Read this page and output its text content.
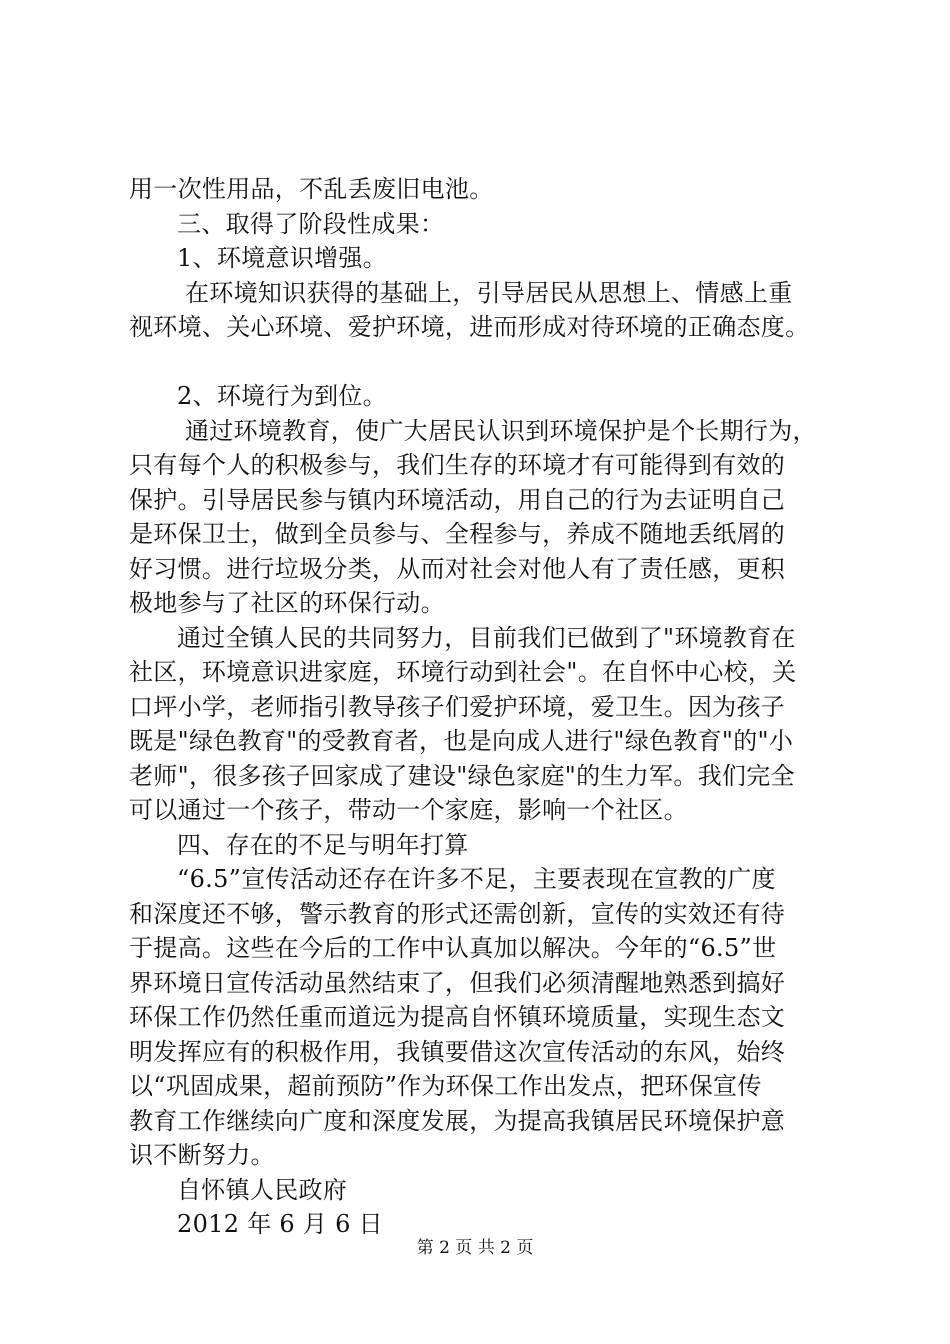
用一次性用品，不乱丢废旧电池。
三、取得了阶段性成果：
1、环境意识增强。
在环境知识获得的基础上，引导居民从思想上、情感上重
视环境、关心环境、爱护环境，进而形成对待环境的正确态度。
2、环境行为到位。
通过环境教育，使广大居民认识到环境保护是个长期行为，
只有每个人的积极参与，我们生存的环境才有可能得到有效的
保护。引导居民参与镇内环境活动，用自己的行为去证明自己
是环保卫士，做到全员参与、全程参与，养成不随地丢纸屑的
好习惯。进行垃圾分类，从而对社会对他人有了责任感，更积
极地参与了社区的环保行动。
通过全镇人民的共同努力，目前我们已做到了"环境教育在
社区，环境意识进家庭，环境行动到社会"。在自怀中心校，关
口坪小学，老师指引教导孩子们爱护环境，爱卫生。因为孩子
既是"绿色教育"的受教育者，也是向成人进行"绿色教育"的"小
老师"，很多孩子回家成了建设"绿色家庭"的生力军。我们完全
可以通过一个孩子，带动一个家庭，影响一个社区。
四、存在的不足与明年打算
“6.5”宣传活动还存在许多不足，主要表现在宣教的广度
和深度还不够，警示教育的形式还需创新，宣传的实效还有待
于提高。这些在今后的工作中认真加以解决。今年的“6.5”世
界环境日宣传活动虽然结束了，但我们必须清醒地熟悉到搞好
环保工作仍然任重而道远为提高自怀镇环境质量，实现生态文
明发挥应有的积极作用，我镇要借这次宣传活动的东风，始终
以“巩固成果，超前预防”作为环保工作出发点，把环保宣传
教育工作继续向广度和深度发展，为提高我镇居民环境保护意
识不断努力。
自怀镇人民政府
2012 年 6 月 6 日
第 2 页 共 2 页
